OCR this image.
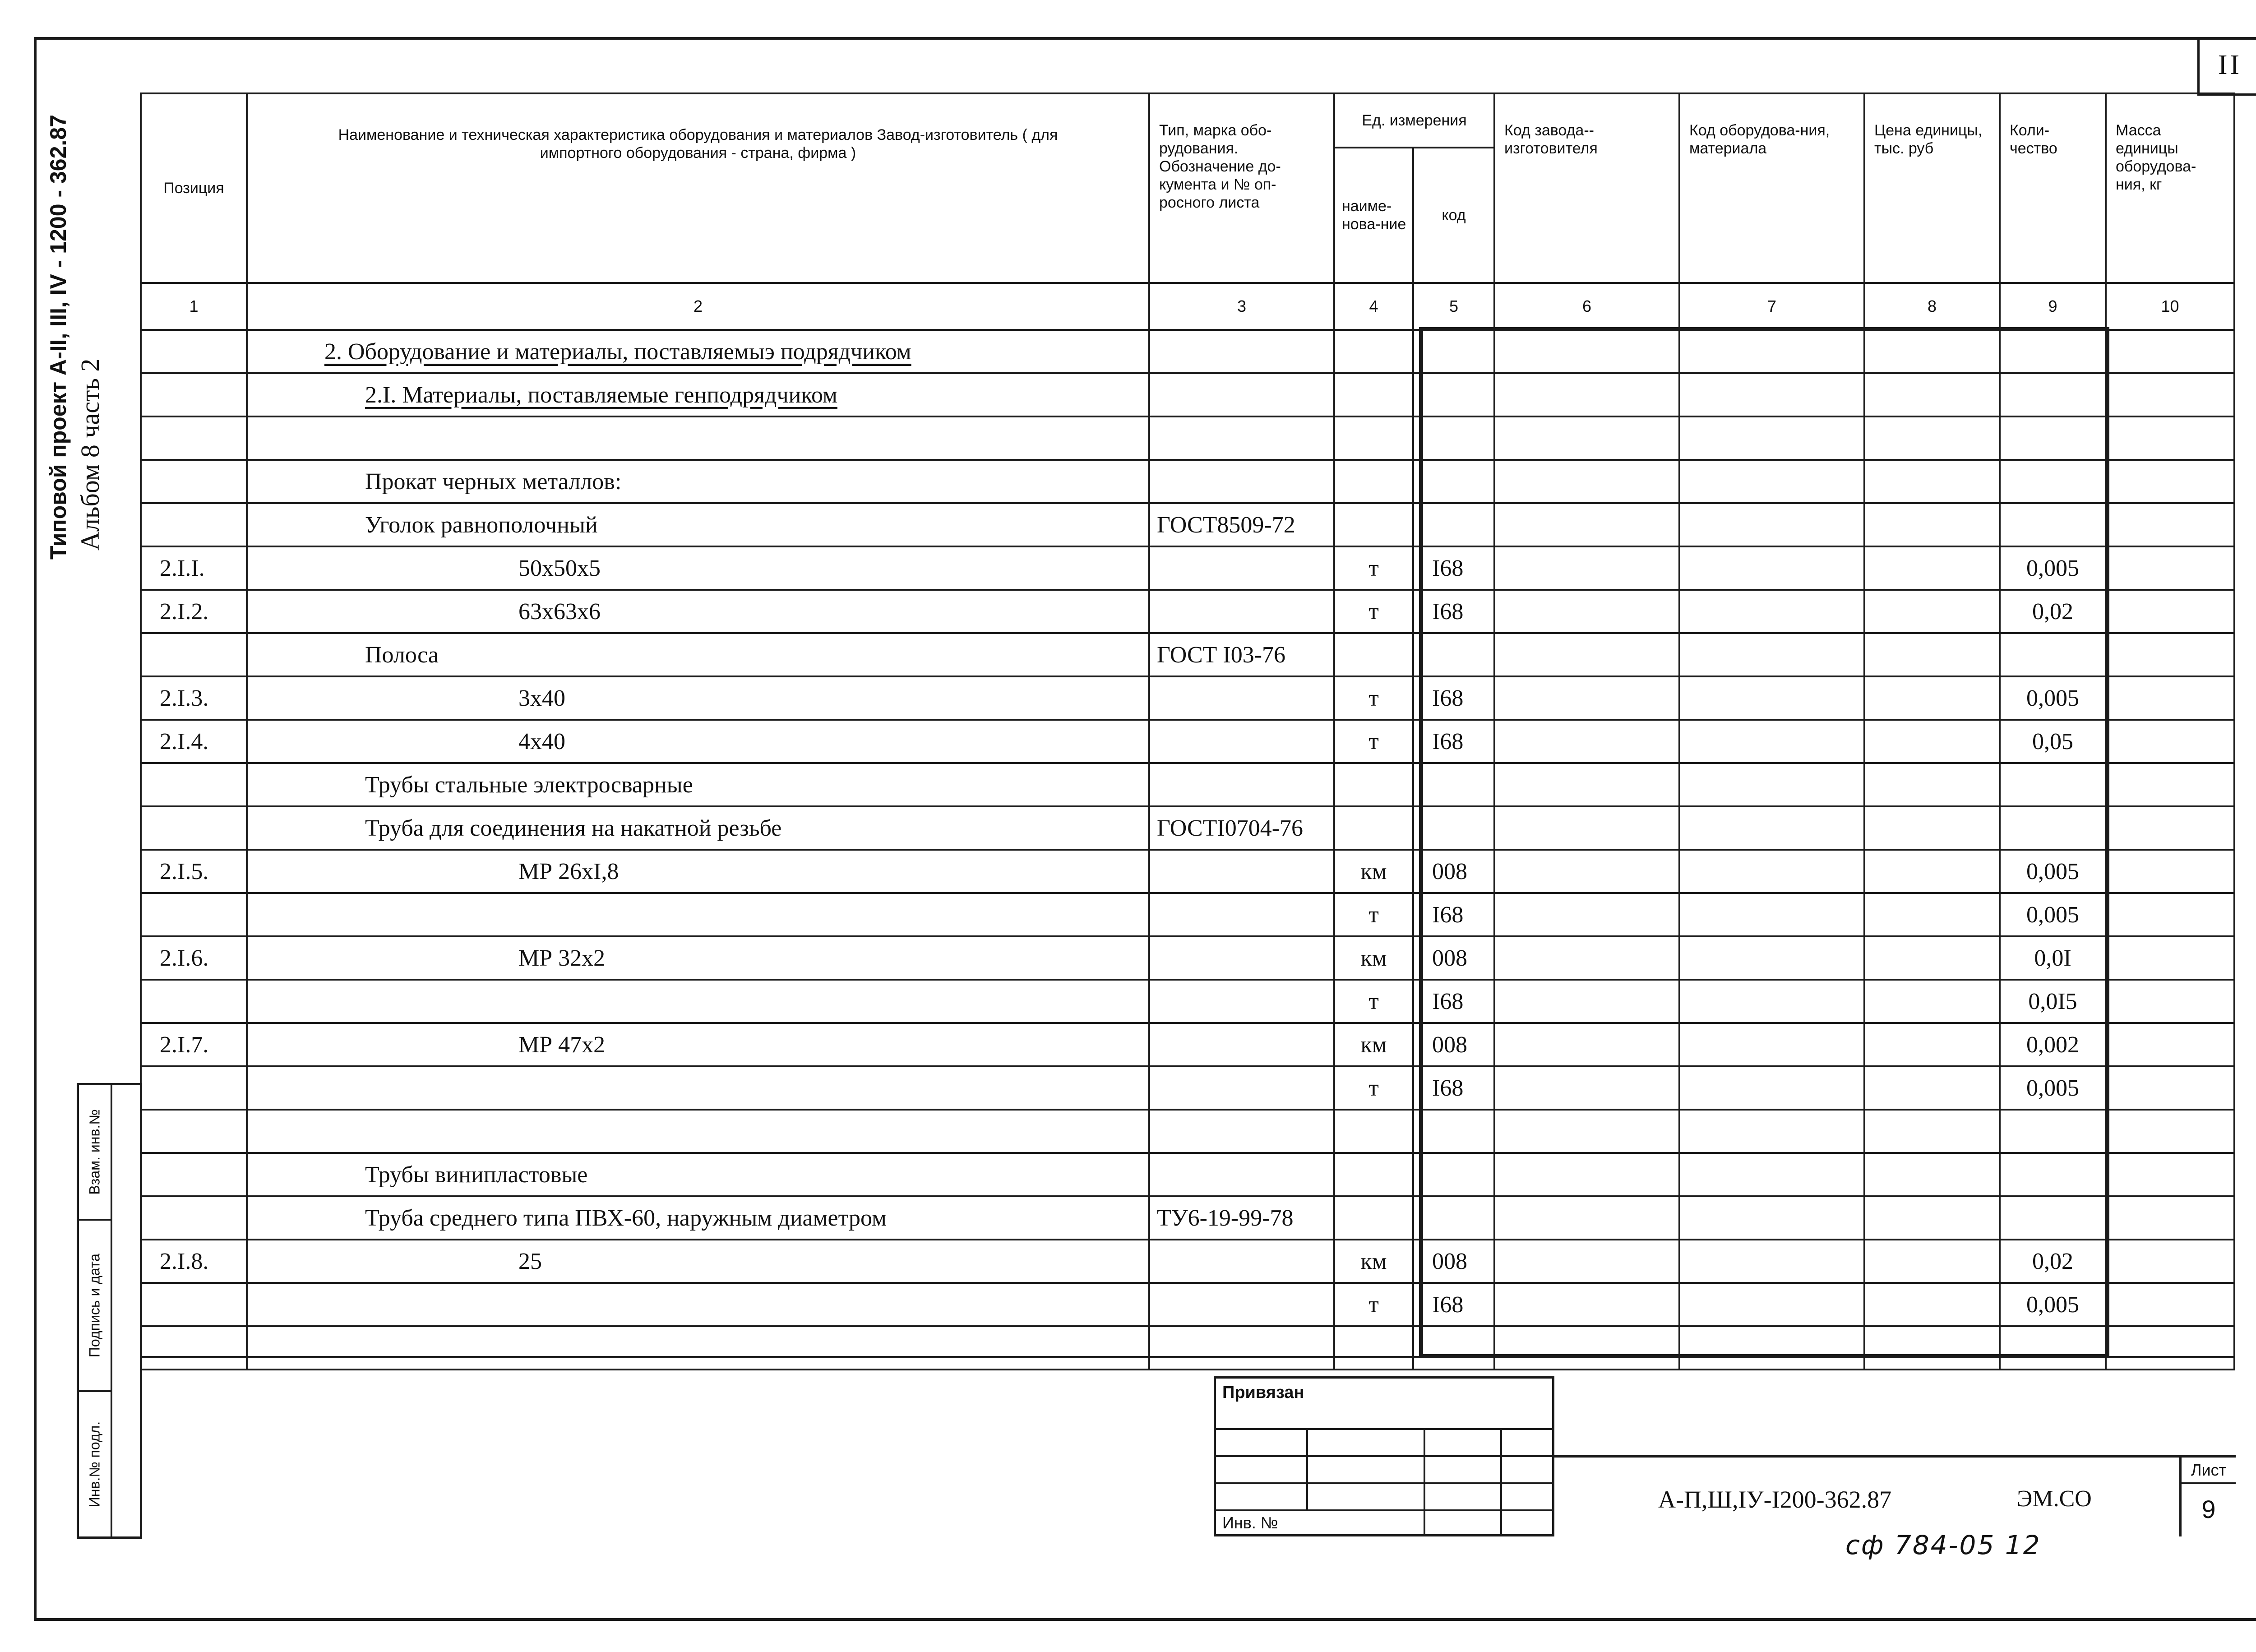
II
Типовой проект А-II, III, IV - 1200 - 362.87 Альбом 8 часть 2
Взам. инв.№
Подпись и дата
Инв.№ подл.
Позиция	Наименование и техническая характеристика оборудования и материалов Завод-изготовитель ( для импортного оборудования - страна, фирма )	Тип, марка обо-рудования. Обозначение до-кумента и № оп-росного листа	Ед. измерения		Код завода--изготовителя	Код оборудова-ния, материала	Цена единицы, тыс. руб	Коли-чество	Масса единицы оборудова-ния, кг
			наиме-нова-ние	код					
1	2	3	4	5	6	7	8	9	10
	2. Оборудование и материалы, поставляемыэ подрядчиком								
	2.I. Материалы, поставляемые генподрядчиком								

	Прокат черных металлов:								
	Уголок равнополочный	ГОСТ8509-72							
2.I.I.	50x50x5		т	I68				0,005	
2.I.2.	63x63x6		т	I68				0,02	
	Полоса	ГОСТ I03-76							
2.I.3.	3x40		т	I68				0,005	
2.I.4.	4x40		т	I68				0,05	
	Трубы стальные электросварные								
	Труба для соединения на накатной резьбе	ГОСТI0704-76							
2.I.5.	МР 26xI,8		км	008				0,005	
			т	I68				0,005	
2.I.6.	МР 32x2		км	008				0,0I	
			т	I68				0,0I5	
2.I.7.	МР 47x2		км	008				0,002	
			т	I68				0,005	

	Трубы винипластовые								
	Труба среднего типа ПВХ-60, наружным диаметром	ТУ6-19-99-78							
2.I.8.	25		км	008				0,02	
			т	I68				0,005	

Привязан
Инв. №
А-П,Ш,IУ-I200-362.87	ЭМ.СО
Лист
9
сф 784-05 12
